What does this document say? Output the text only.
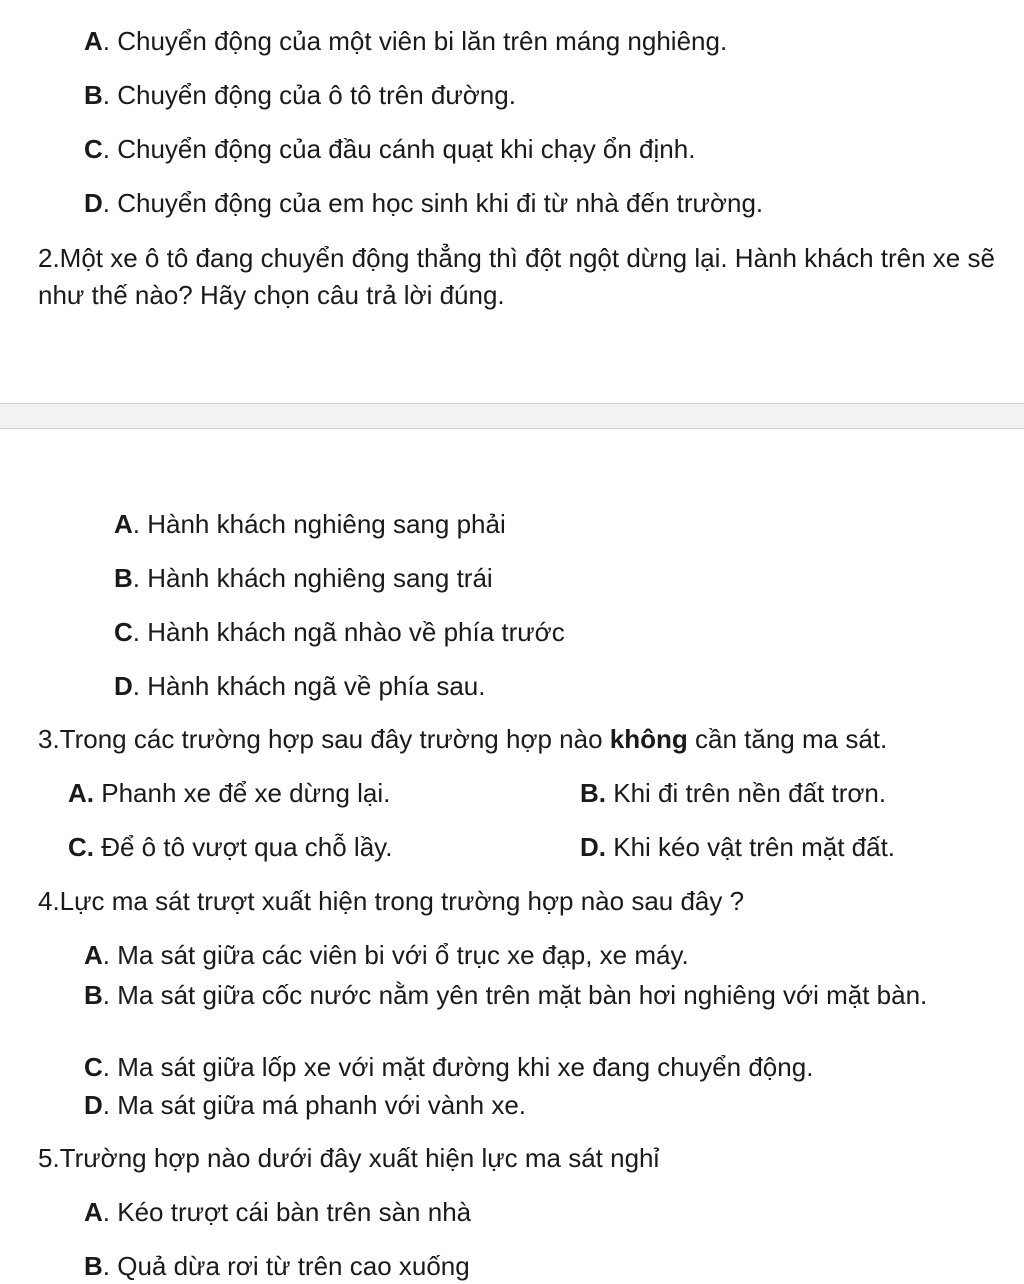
A. Chuyển động của một viên bi lăn trên máng nghiêng.
B. Chuyển động của ô tô trên đường.
C. Chuyển động của đầu cánh quạt khi chạy ổn định.
D. Chuyển động của em học sinh khi đi từ nhà đến trường.
2.Một xe ô tô đang chuyển động thẳng thì đột ngột dừng lại. Hành khách trên xe sẽ như thế nào? Hãy chọn câu trả lời đúng.
A. Hành khách nghiêng sang phải
B. Hành khách nghiêng sang trái
C. Hành khách ngã nhào về phía trước
D. Hành khách ngã về phía sau.
3.Trong các trường hợp sau đây trường hợp nào không cần tăng ma sát.
A. Phanh xe để xe dừng lại.	B. Khi đi trên nền đất trơn.
C. Để ô tô vượt qua chỗ lầy.	D. Khi kéo vật trên mặt đất.
4.Lực ma sát trượt xuất hiện trong trường hợp nào sau đây ?
A. Ma sát giữa các viên bi với ổ trục xe đạp, xe máy.
B. Ma sát giữa cốc nước nằm yên trên mặt bàn hơi nghiêng với mặt bàn.
C. Ma sát giữa lốp xe với mặt đường khi xe đang chuyển động.
D. Ma sát giữa má phanh với vành xe.
5.Trường hợp nào dưới đây xuất hiện lực ma sát nghỉ
A. Kéo trượt cái bàn trên sàn nhà
B. Quả dừa rơi từ trên cao xuống
